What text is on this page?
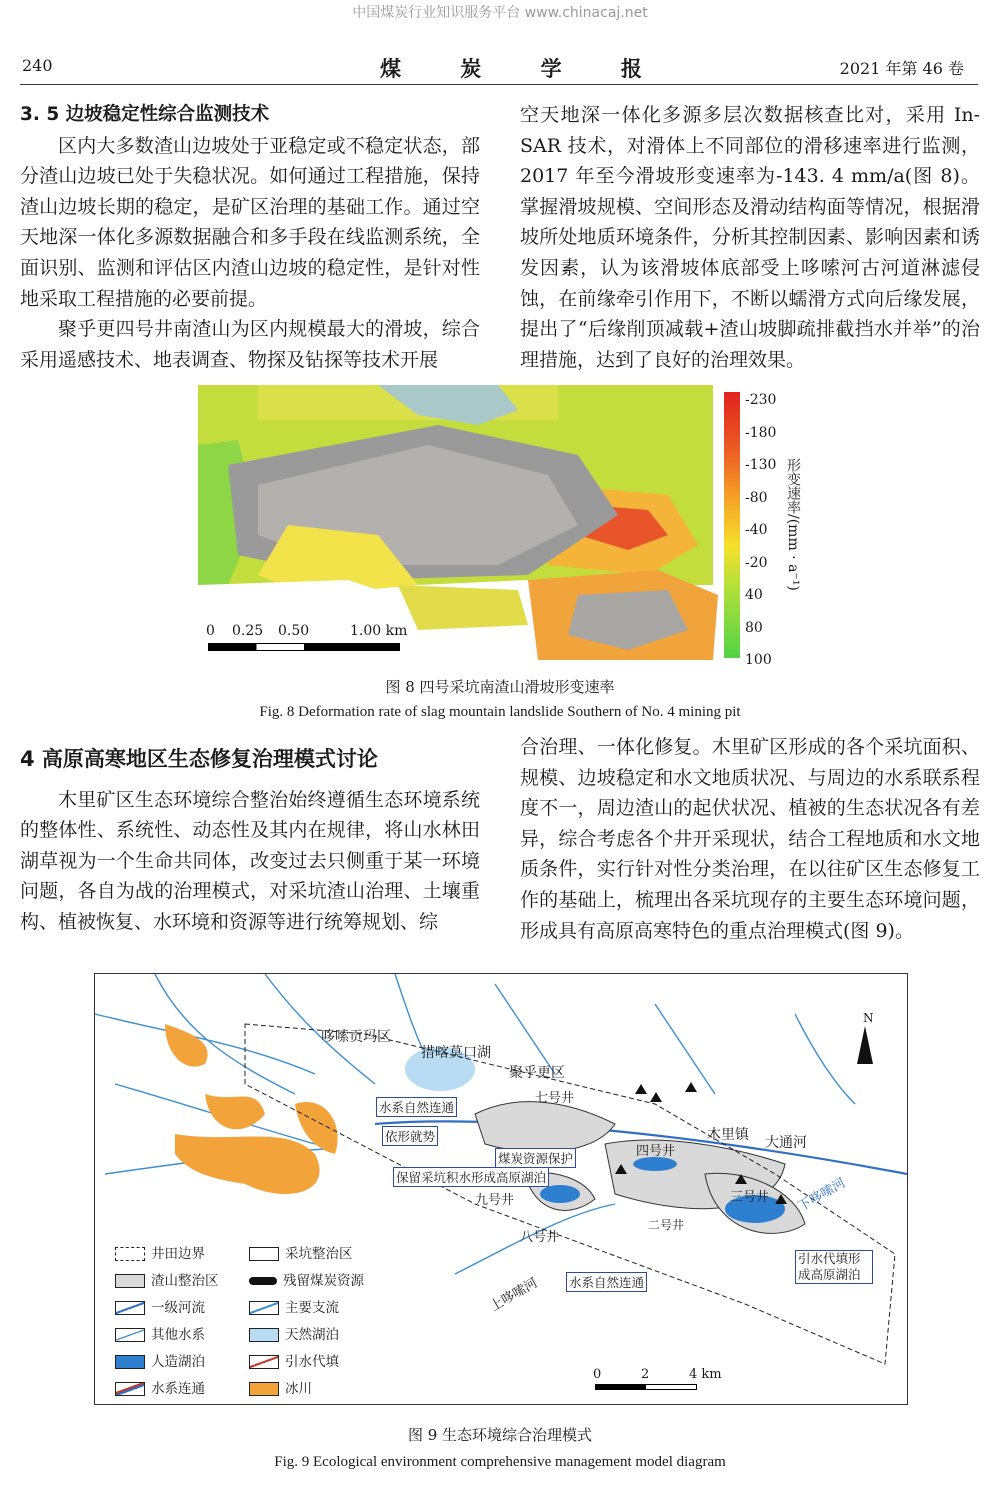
中国煤炭行业知识服务平台 www.chinacaj.net
240	煤 炭 学 报	2021 年第 46 卷

3. 5 边坡稳定性综合监测技术

区内大多数渣山边坡处于亚稳定或不稳定状态，部分渣山边坡已处于失稳状况。如何通过工程措施，保持渣山边坡长期的稳定，是矿区治理的基础工作。通过空天地深一体化多源数据融合和多手段在线监测系统，全面识别、监测和评估区内渣山边坡的稳定性，是针对性地采取工程措施的必要前提。

聚乎更四号井南渣山为区内规模最大的滑坡，综合采用遥感技术、地表调查、物探及钻探等技术开展

空天地深一体化多源多层次数据核查比对，采用 In-SAR 技术，对滑体上不同部位的滑移速率进行监测，2017 年至今滑坡形变速率为-143. 4 mm/a(图 8)。掌握滑坡规模、空间形态及滑动结构面等情况，根据滑坡所处地质环境条件，分析其控制因素、影响因素和诱发因素，认为该滑坡体底部受上哆嗦河古河道淋滤侵蚀，在前缘牵引作用下，不断以蠕滑方式向后缘发展，提出了“后缘削顶减载+渣山坡脚疏排截挡水并举”的治理措施，达到了良好的治理效果。

0 0.25 0.50	1.00 km
-230
-180
-130
-80
-40
-20
40
80
100
形变速率/(mm · a⁻¹)
图 8 四号采坑南渣山滑坡形变速率
Fig. 8 Deformation rate of slag mountain landslide Southern of No. 4 mining pit

4 高原高寒地区生态修复治理模式讨论

木里矿区生态环境综合整治始终遵循生态环境系统的整体性、系统性、动态性及其内在规律，将山水林田湖草视为一个生命共同体，改变过去只侧重于某一环境问题，各自为战的治理模式，对采坑渣山治理、土壤重构、植被恢复、水环境和资源等进行统筹规划、综

合治理、一体化修复。木里矿区形成的各个采坑面积、规模、边坡稳定和水文地质状况、与周边的水系联系程度不一，周边渣山的起伏状况、植被的生态状况各有差异，综合考虑各个井开采现状，结合工程地质和水文地质条件，实行针对性分类治理，在以往矿区生态修复工作的基础上，梳理出各采坑现存的主要生态环境问题，形成具有高原高寒特色的重点治理模式(图 9)。

哆嗦贡玛区
措喀莫口湖
聚乎更区
七号井
四号井
木里镇 大通河
三号井
九号井
八号井
二号井
下哆嗦河
上哆嗦河
水系自然连通
依形就势
煤炭资源保护
保留采坑积水形成高原湖泊
水系自然连通
引水代填形成高原湖泊
N
井田边界	采坑整治区
渣山整治区	残留煤炭资源
一级河流	主要支流
其他水系	天然湖泊
人造湖泊	引水代填
水系连通	冰川
0	2	4 km
图 9 生态环境综合治理模式
Fig. 9 Ecological environment comprehensive management model diagram
